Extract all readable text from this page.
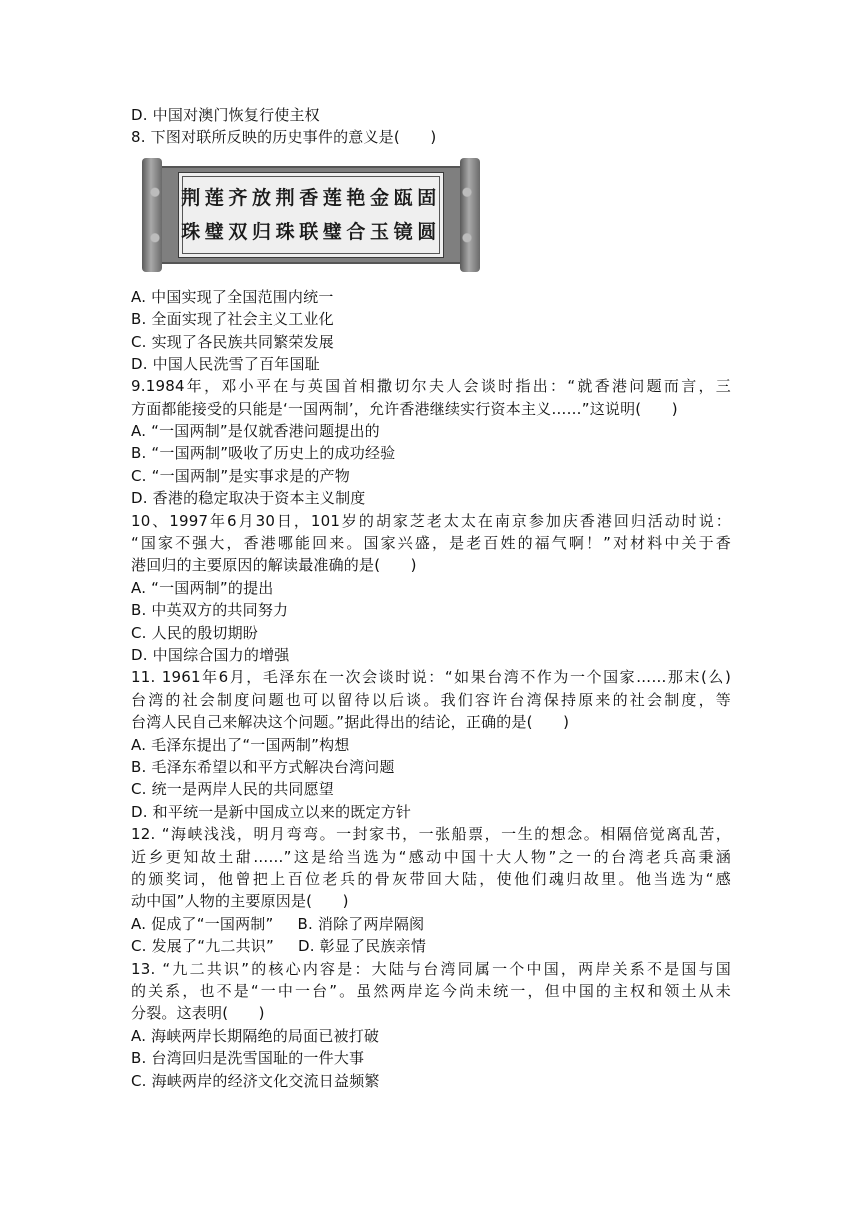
D. 中国对澳门恢复行使主权
8. 下图对联所反映的历史事件的意义是(　　)
荆莲齐放荆香莲艳金瓯固
珠璧双归珠联璧合玉镜圆
A. 中国实现了全国范围内统一
B. 全面实现了社会主义工业化
C. 实现了各民族共同繁荣发展
D. 中国人民洗雪了百年国耻
9.1984年，邓小平在与英国首相撒切尔夫人会谈时指出：“就香港问题而言，三
方面都能接受的只能是‘一国两制’，允许香港继续实行资本主义……”这说明(　　)
A. “一国两制”是仅就香港问题提出的
B. “一国两制”吸收了历史上的成功经验
C. “一国两制”是实事求是的产物
D. 香港的稳定取决于资本主义制度
10、1997年6月30日，101岁的胡家芝老太太在南京参加庆香港回归活动时说：
“国家不强大，香港哪能回来。国家兴盛，是老百姓的福气啊！”对材料中关于香
港回归的主要原因的解读最准确的是(　　)
A. “一国两制”的提出
B. 中英双方的共同努力
C. 人民的殷切期盼
D. 中国综合国力的增强
11. 1961年6月，毛泽东在一次会谈时说：“如果台湾不作为一个国家……那末(么)
台湾的社会制度问题也可以留待以后谈。我们容许台湾保持原来的社会制度，等
台湾人民自己来解决这个问题。”据此得出的结论，正确的是(　　)
A. 毛泽东提出了“一国两制”构想
B. 毛泽东希望以和平方式解决台湾问题
C. 统一是两岸人民的共同愿望
D. 和平统一是新中国成立以来的既定方针
12. “海峡浅浅，明月弯弯。一封家书，一张船票，一生的想念。相隔倍觉离乱苦，
近乡更知故土甜……”这是给当选为“感动中国十大人物”之一的台湾老兵高秉涵
的颁奖词，他曾把上百位老兵的骨灰带回大陆，使他们魂归故里。他当选为“感
动中国”人物的主要原因是(　　)
A. 促成了“一国两制” B. 消除了两岸隔阂
C. 发展了“九二共识” D. 彰显了民族亲情
13. “九二共识”的核心内容是：大陆与台湾同属一个中国，两岸关系不是国与国
的关系，也不是“一中一台”。虽然两岸迄今尚未统一，但中国的主权和领土从未
分裂。这表明(　　)
A. 海峡两岸长期隔绝的局面已被打破
B. 台湾回归是洗雪国耻的一件大事
C. 海峡两岸的经济文化交流日益频繁
